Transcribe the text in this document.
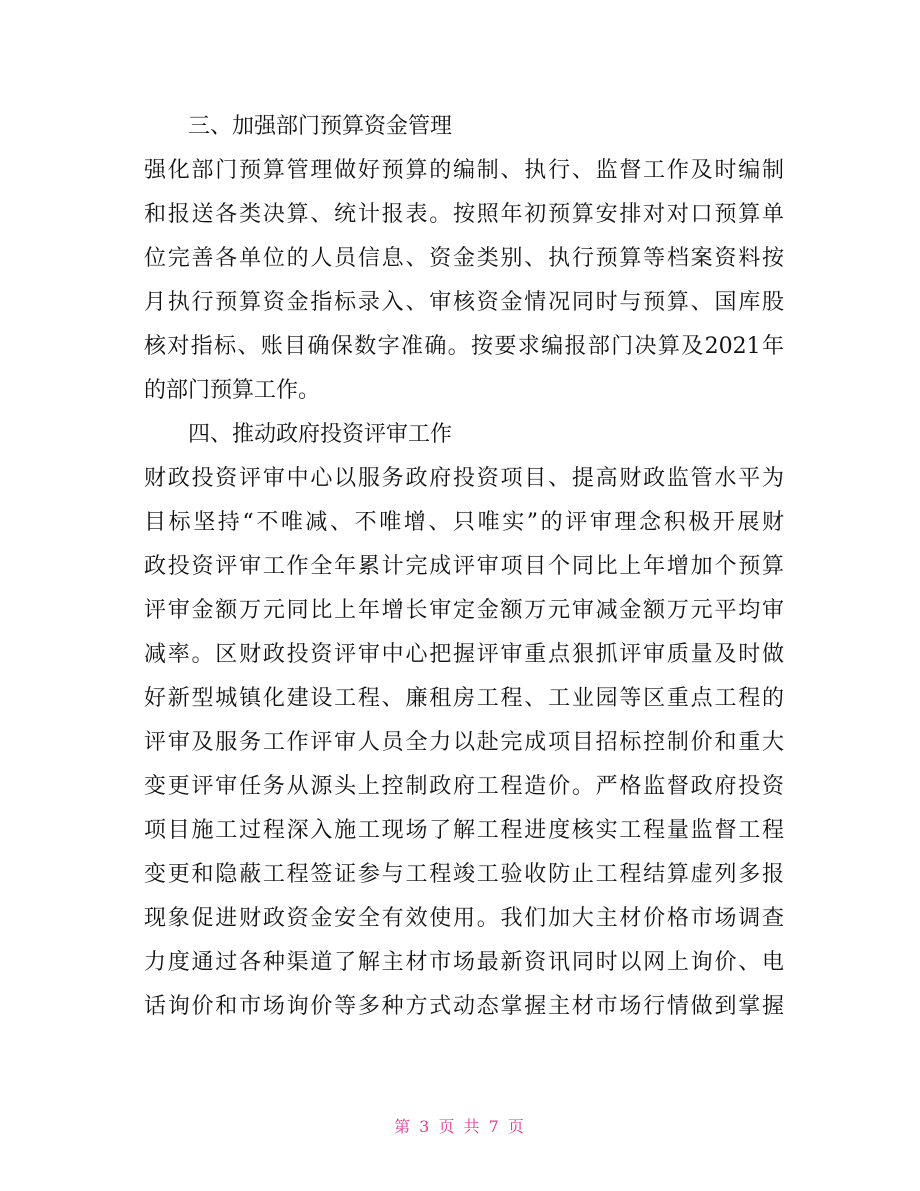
三、加强部门预算资金管理
强化部门预算管理做好预算的编制、执行、监督工作及时编制
和报送各类决算、统计报表。按照年初预算安排对对口预算单
位完善各单位的人员信息、资金类别、执行预算等档案资料按
月执行预算资金指标录入、审核资金情况同时与预算、国库股
核对指标、账目确保数字准确。按要求编报部门决算及2021年
的部门预算工作。
四、推动政府投资评审工作
财政投资评审中心以服务政府投资项目、提高财政监管水平为
目标坚持“不唯减、不唯增、只唯实”的评审理念积极开展财
政投资评审工作全年累计完成评审项目个同比上年增加个预算
评审金额万元同比上年增长审定金额万元审减金额万元平均审
减率。区财政投资评审中心把握评审重点狠抓评审质量及时做
好新型城镇化建设工程、廉租房工程、工业园等区重点工程的
评审及服务工作评审人员全力以赴完成项目招标控制价和重大
变更评审任务从源头上控制政府工程造价。严格监督政府投资
项目施工过程深入施工现场了解工程进度核实工程量监督工程
变更和隐蔽工程签证参与工程竣工验收防止工程结算虚列多报
现象促进财政资金安全有效使用。我们加大主材价格市场调查
力度通过各种渠道了解主材市场最新资讯同时以网上询价、电
话询价和市场询价等多种方式动态掌握主材市场行情做到掌握
第 3 页 共 7 页
